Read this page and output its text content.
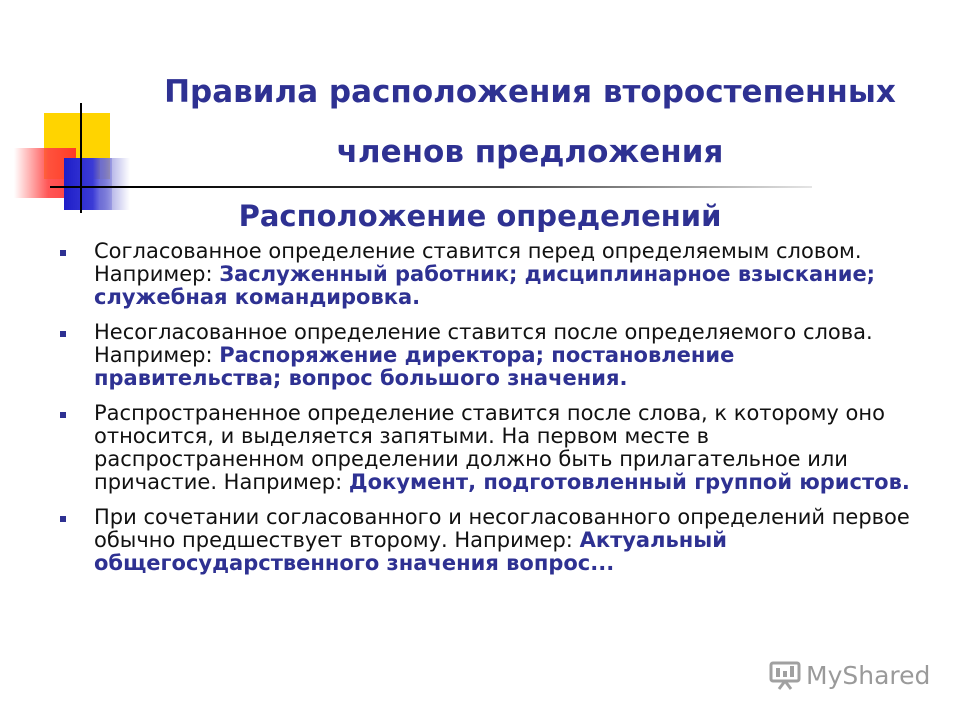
Правила расположения второстепенных членов предложения
Расположение определений
Согласованное определение ставится перед определяемым словом. Например: Заслуженный работник; дисциплинарное взыскание; служебная командировка.
Несогласованное определение ставится после определяемого слова. Например: Распоряжение директора; постановление правительства; вопрос большого значения.
Распространенное определение ставится после слова, к которому оно относится, и выделяется запятыми. На первом месте в распространенном определении должно быть прилагательное или причастие. Например: Документ, подготовленный группой юристов.
При сочетании согласованного и несогласованного определений первое обычно предшествует второму. Например: Актуальный общегосударственного значения вопрос...
MyShared
